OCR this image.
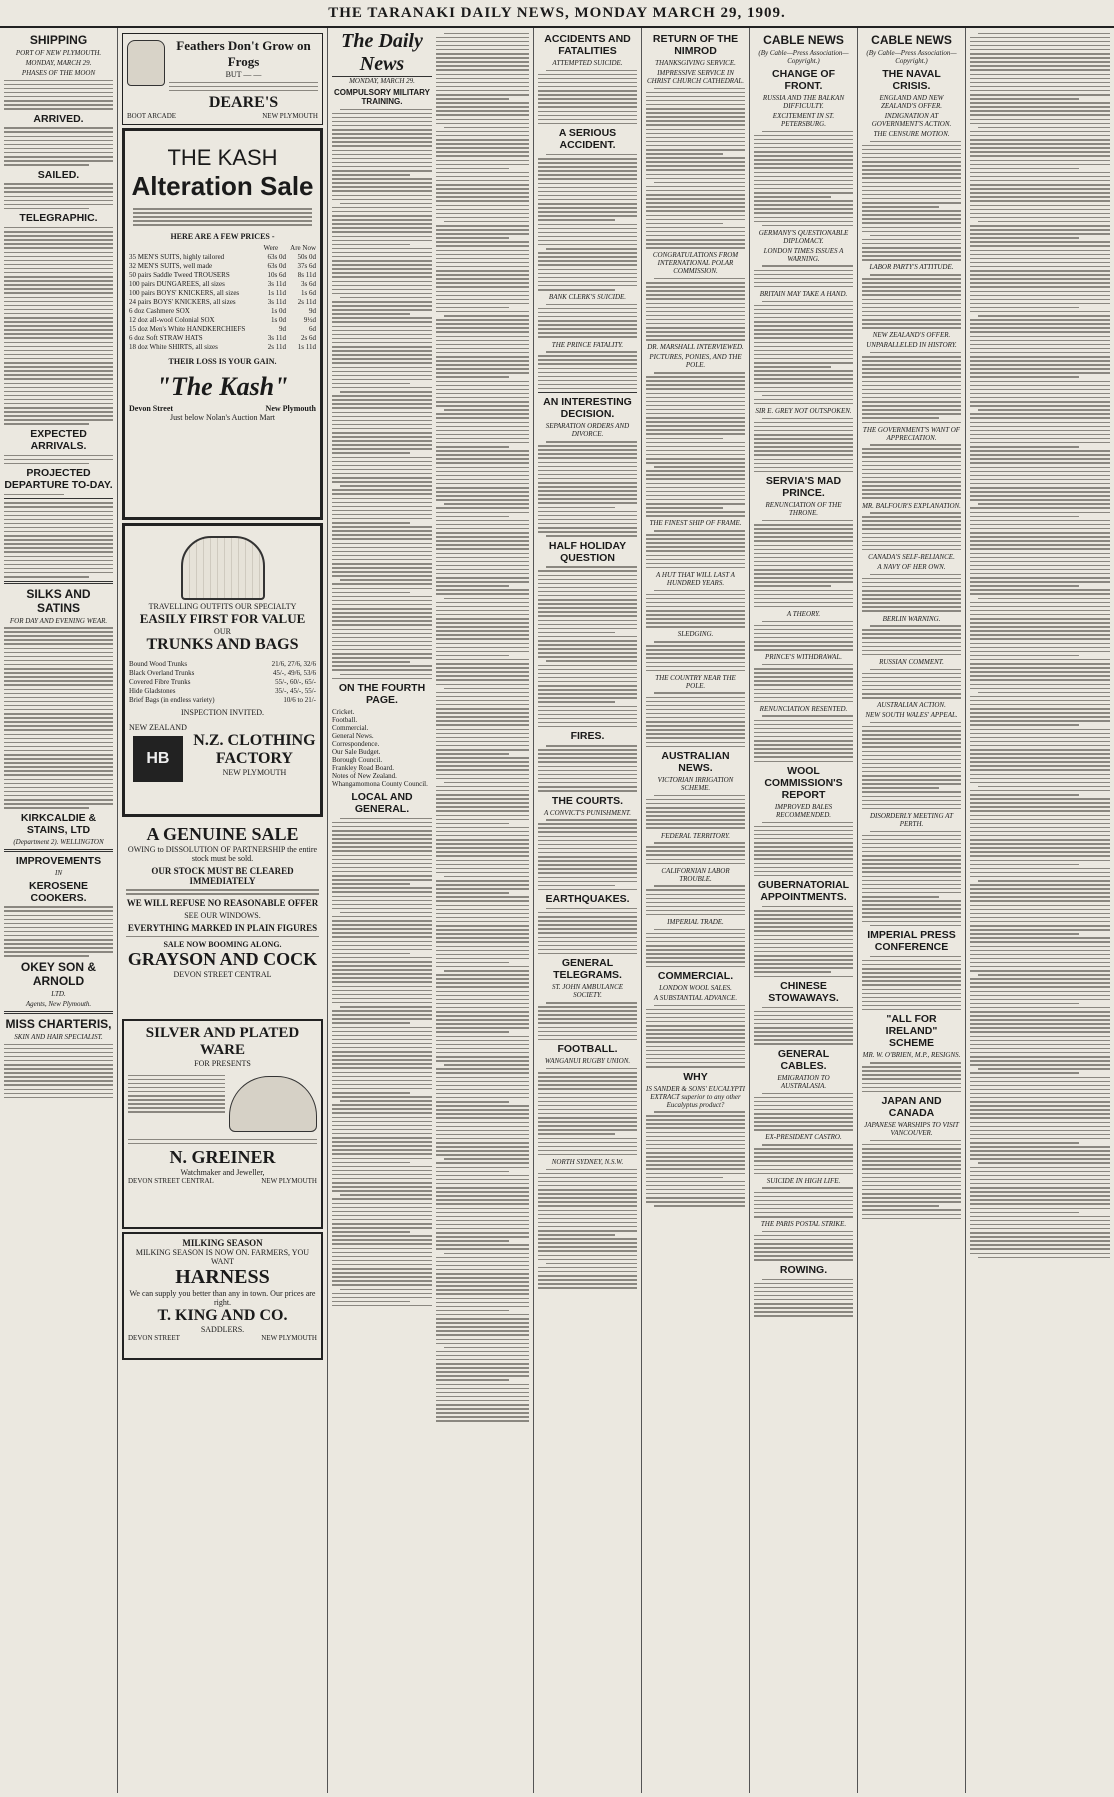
THE TARANAKI DAILY NEWS, MONDAY MARCH 29, 1909.
SHIPPING
PORT OF NEW PLYMOUTH.
MONDAY, MARCH 29.
PHASES OF THE MOON
ARRIVED.
SAILED.
TELEGRAPHIC.
EXPECTED ARRIVALS.
PROJECTED DEPARTURE TO-DAY.
SILKS AND SATINS
FOR DAY AND EVENING WEAR.
KIRKCALDIE & STAINS, LTD
(Department 2). WELLINGTON
IMPROVEMENTS
IN
KEROSENE COOKERS.
OKEY SON & ARNOLD
LTD.
Agents, New Plymouth.
MISS CHARTERIS,
SKIN AND HAIR SPECIALIST.
Feathers Don't Grow on Frogs
BUT — —
DEARE'S
BOOT ARCADE	NEW PLYMOUTH
THE KASH
Alteration Sale
HERE ARE A FEW PRICES -
Were Are Now
35 MEN'S SUITS, highly tailored	63s 0d	50s 0d
32 MEN'S SUITS, well made	63s 0d	37s 6d
50 pairs Saddle Tweed TROUSERS	10s 6d	8s 11d
100 pairs DUNGAREES, all sizes	3s 11d	3s 6d
100 pairs BOYS' KNICKERS, all sizes	1s 11d	1s 6d
24 pairs BOYS' KNICKERS, all sizes	3s 11d	2s 11d
6 doz Cashmere SOX	1s 0d	9d
12 doz all-wool Colonial SOX	1s 0d	9½d
15 doz Men's White HANDKERCHIEFS	9d	6d
6 doz Soft STRAW HATS	3s 11d	2s 6d
18 doz White SHIRTS, all sizes	2s 11d	1s 11d
THEIR LOSS IS YOUR GAIN.
"The Kash"
Devon Street	New Plymouth
Just below Nolan's Auction Mart
TRAVELLING OUTFITS OUR SPECIALTY
EASILY FIRST FOR VALUE
OUR
TRUNKS AND BAGS
Bound Wood Trunks	21/6, 27/6, 32/6
Black Overland Trunks	45/-, 49/6, 53/6
Covered Fibre Trunks	55/-, 60/-, 65/-
Hide Gladstones	35/-, 45/-, 55/-
Brief Bags (in endless variety)	10/6 to 21/-
INSPECTION INVITED.
NEW ZEALAND
HB
N.Z. CLOTHING FACTORY
NEW PLYMOUTH
A GENUINE SALE
OWING to DISSOLUTION OF PARTNERSHIP the entire stock must be sold.
OUR STOCK MUST BE CLEARED IMMEDIATELY
WE WILL REFUSE NO REASONABLE OFFER
SEE OUR WINDOWS.
EVERYTHING MARKED IN PLAIN FIGURES
SALE NOW BOOMING ALONG.
GRAYSON AND COCK
DEVON STREET CENTRAL
SILVER AND PLATED WARE
FOR PRESENTS
N. GREINER
Watchmaker and Jeweller,
DEVON STREET CENTRAL	NEW PLYMOUTH
MILKING SEASON
MILKING SEASON IS NOW ON. FARMERS, YOU WANT
HARNESS
We can supply you better than any in town. Our prices are right.
T. KING AND CO.
SADDLERS.
DEVON STREET	NEW PLYMOUTH
The Daily News
MONDAY, MARCH 29.
COMPULSORY MILITARY TRAINING.
ON THE FOURTH PAGE.
Cricket.
Football.
Commercial.
General News.
Correspondence.
Our Sale Budget.
Borough Council.
Frankley Road Board.
Notes of New Zealand.
Whangamomona County Council.
LOCAL AND GENERAL.
ACCIDENTS AND FATALITIES
ATTEMPTED SUICIDE.
A SERIOUS ACCIDENT.
BANK CLERK'S SUICIDE.
THE PRINCE FATALITY.
AN INTERESTING DECISION.
SEPARATION ORDERS AND DIVORCE.
HALF HOLIDAY QUESTION
FIRES.
THE COURTS.
A CONVICT'S PUNISHMENT.
EARTHQUAKES.
GENERAL TELEGRAMS.
ST. JOHN AMBULANCE SOCIETY.
FOOTBALL.
WANGANUI RUGBY UNION.
NORTH SYDNEY, N.S.W.
RETURN OF THE NIMROD
THANKSGIVING SERVICE.
IMPRESSIVE SERVICE IN CHRIST CHURCH CATHEDRAL.
CONGRATULATIONS FROM INTERNATIONAL POLAR COMMISSION.
DR. MARSHALL INTERVIEWED.
PICTURES, PONIES, AND THE POLE.
THE FINEST SHIP OF FRAME.
A HUT THAT WILL LAST A HUNDRED YEARS.
SLEDGING.
THE COUNTRY NEAR THE POLE.
AUSTRALIAN NEWS.
VICTORIAN IRRIGATION SCHEME.
FEDERAL TERRITORY.
CALIFORNIAN LABOR TROUBLE.
IMPERIAL TRADE.
COMMERCIAL.
LONDON WOOL SALES.
A SUBSTANTIAL ADVANCE.
WHY
IS SANDER & SONS' EUCALYPTI EXTRACT superior to any other Eucalyptus product?
CABLE NEWS
(By Cable—Press Association—Copyright.)
CHANGE OF FRONT.
RUSSIA AND THE BALKAN DIFFICULTY.
EXCITEMENT IN ST. PETERSBURG.
GERMANY'S QUESTIONABLE DIPLOMACY.
LONDON TIMES ISSUES A WARNING.
BRITAIN MAY TAKE A HAND.
SIR E. GREY NOT OUTSPOKEN.
SERVIA'S MAD PRINCE.
RENUNCIATION OF THE THRONE.
A THEORY.
PRINCE'S WITHDRAWAL.
RENUNCIATION RESENTED.
WOOL COMMISSION'S REPORT
IMPROVED BALES RECOMMENDED.
GUBERNATORIAL APPOINTMENTS.
CHINESE STOWAWAYS.
GENERAL CABLES.
EMIGRATION TO AUSTRALASIA.
EX-PRESIDENT CASTRO.
SUICIDE IN HIGH LIFE.
THE PARIS POSTAL STRIKE.
ROWING.
CABLE NEWS
(By Cable—Press Association—Copyright.)
THE NAVAL CRISIS.
ENGLAND AND NEW ZEALAND'S OFFER.
INDIGNATION AT GOVERNMENT'S ACTION.
THE CENSURE MOTION.
LABOR PARTY'S ATTITUDE.
NEW ZEALAND'S OFFER.
UNPARALLELED IN HISTORY.
THE GOVERNMENT'S WANT OF APPRECIATION.
MR. BALFOUR'S EXPLANATION.
CANADA'S SELF-RELIANCE.
A NAVY OF HER OWN.
BERLIN WARNING.
RUSSIAN COMMENT.
AUSTRALIAN ACTION.
NEW SOUTH WALES' APPEAL.
DISORDERLY MEETING AT PERTH.
IMPERIAL PRESS CONFERENCE
"ALL FOR IRELAND" SCHEME
MR. W. O'BRIEN, M.P., RESIGNS.
JAPAN AND CANADA
JAPANESE WARSHIPS TO VISIT VANCOUVER.
